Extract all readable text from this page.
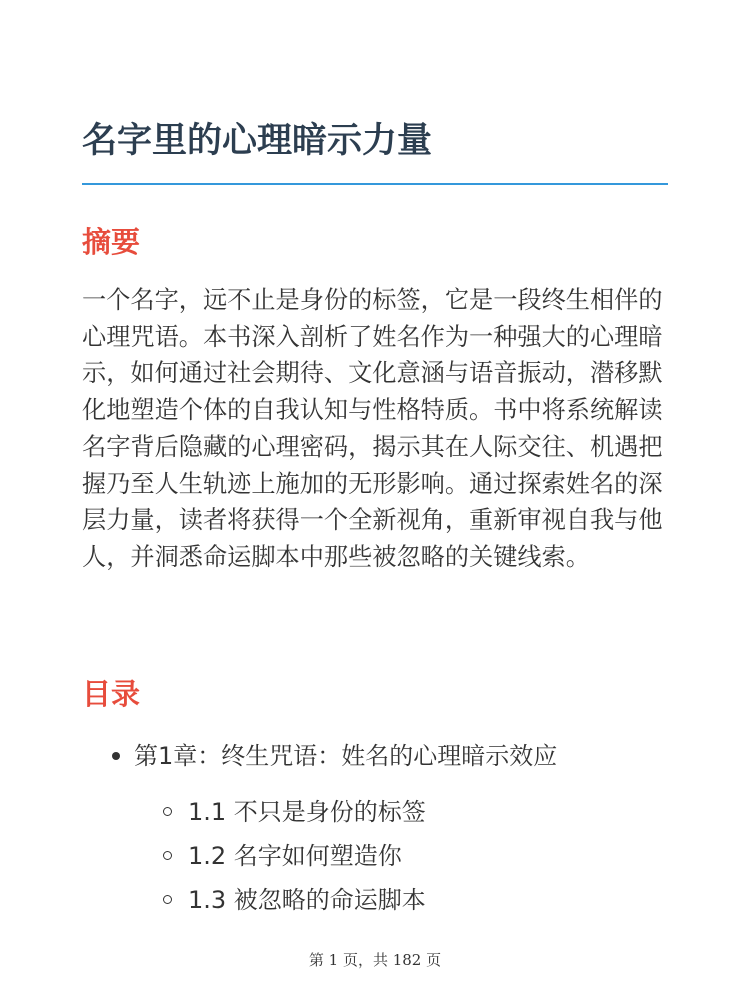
名字里的心理暗示力量
摘要

一个名字，远不止是身份的标签，它是一段终生相伴的心理咒语。本书深入剖析了姓名作为一种强大的心理暗示，如何通过社会期待、文化意涵与语音振动，潜移默化地塑造个体的自我认知与性格特质。书中将系统解读名字背后隐藏的心理密码，揭示其在人际交往、机遇把握乃至人生轨迹上施加的无形影响。通过探索姓名的深层力量，读者将获得一个全新视角，重新审视自我与他人，并洞悉命运脚本中那些被忽略的关键线索。

目录
第1章：终生咒语：姓名的心理暗示效应
1.1 不只是身份的标签
1.2 名字如何塑造你
1.3 被忽略的命运脚本
第 1 页，共 182 页
